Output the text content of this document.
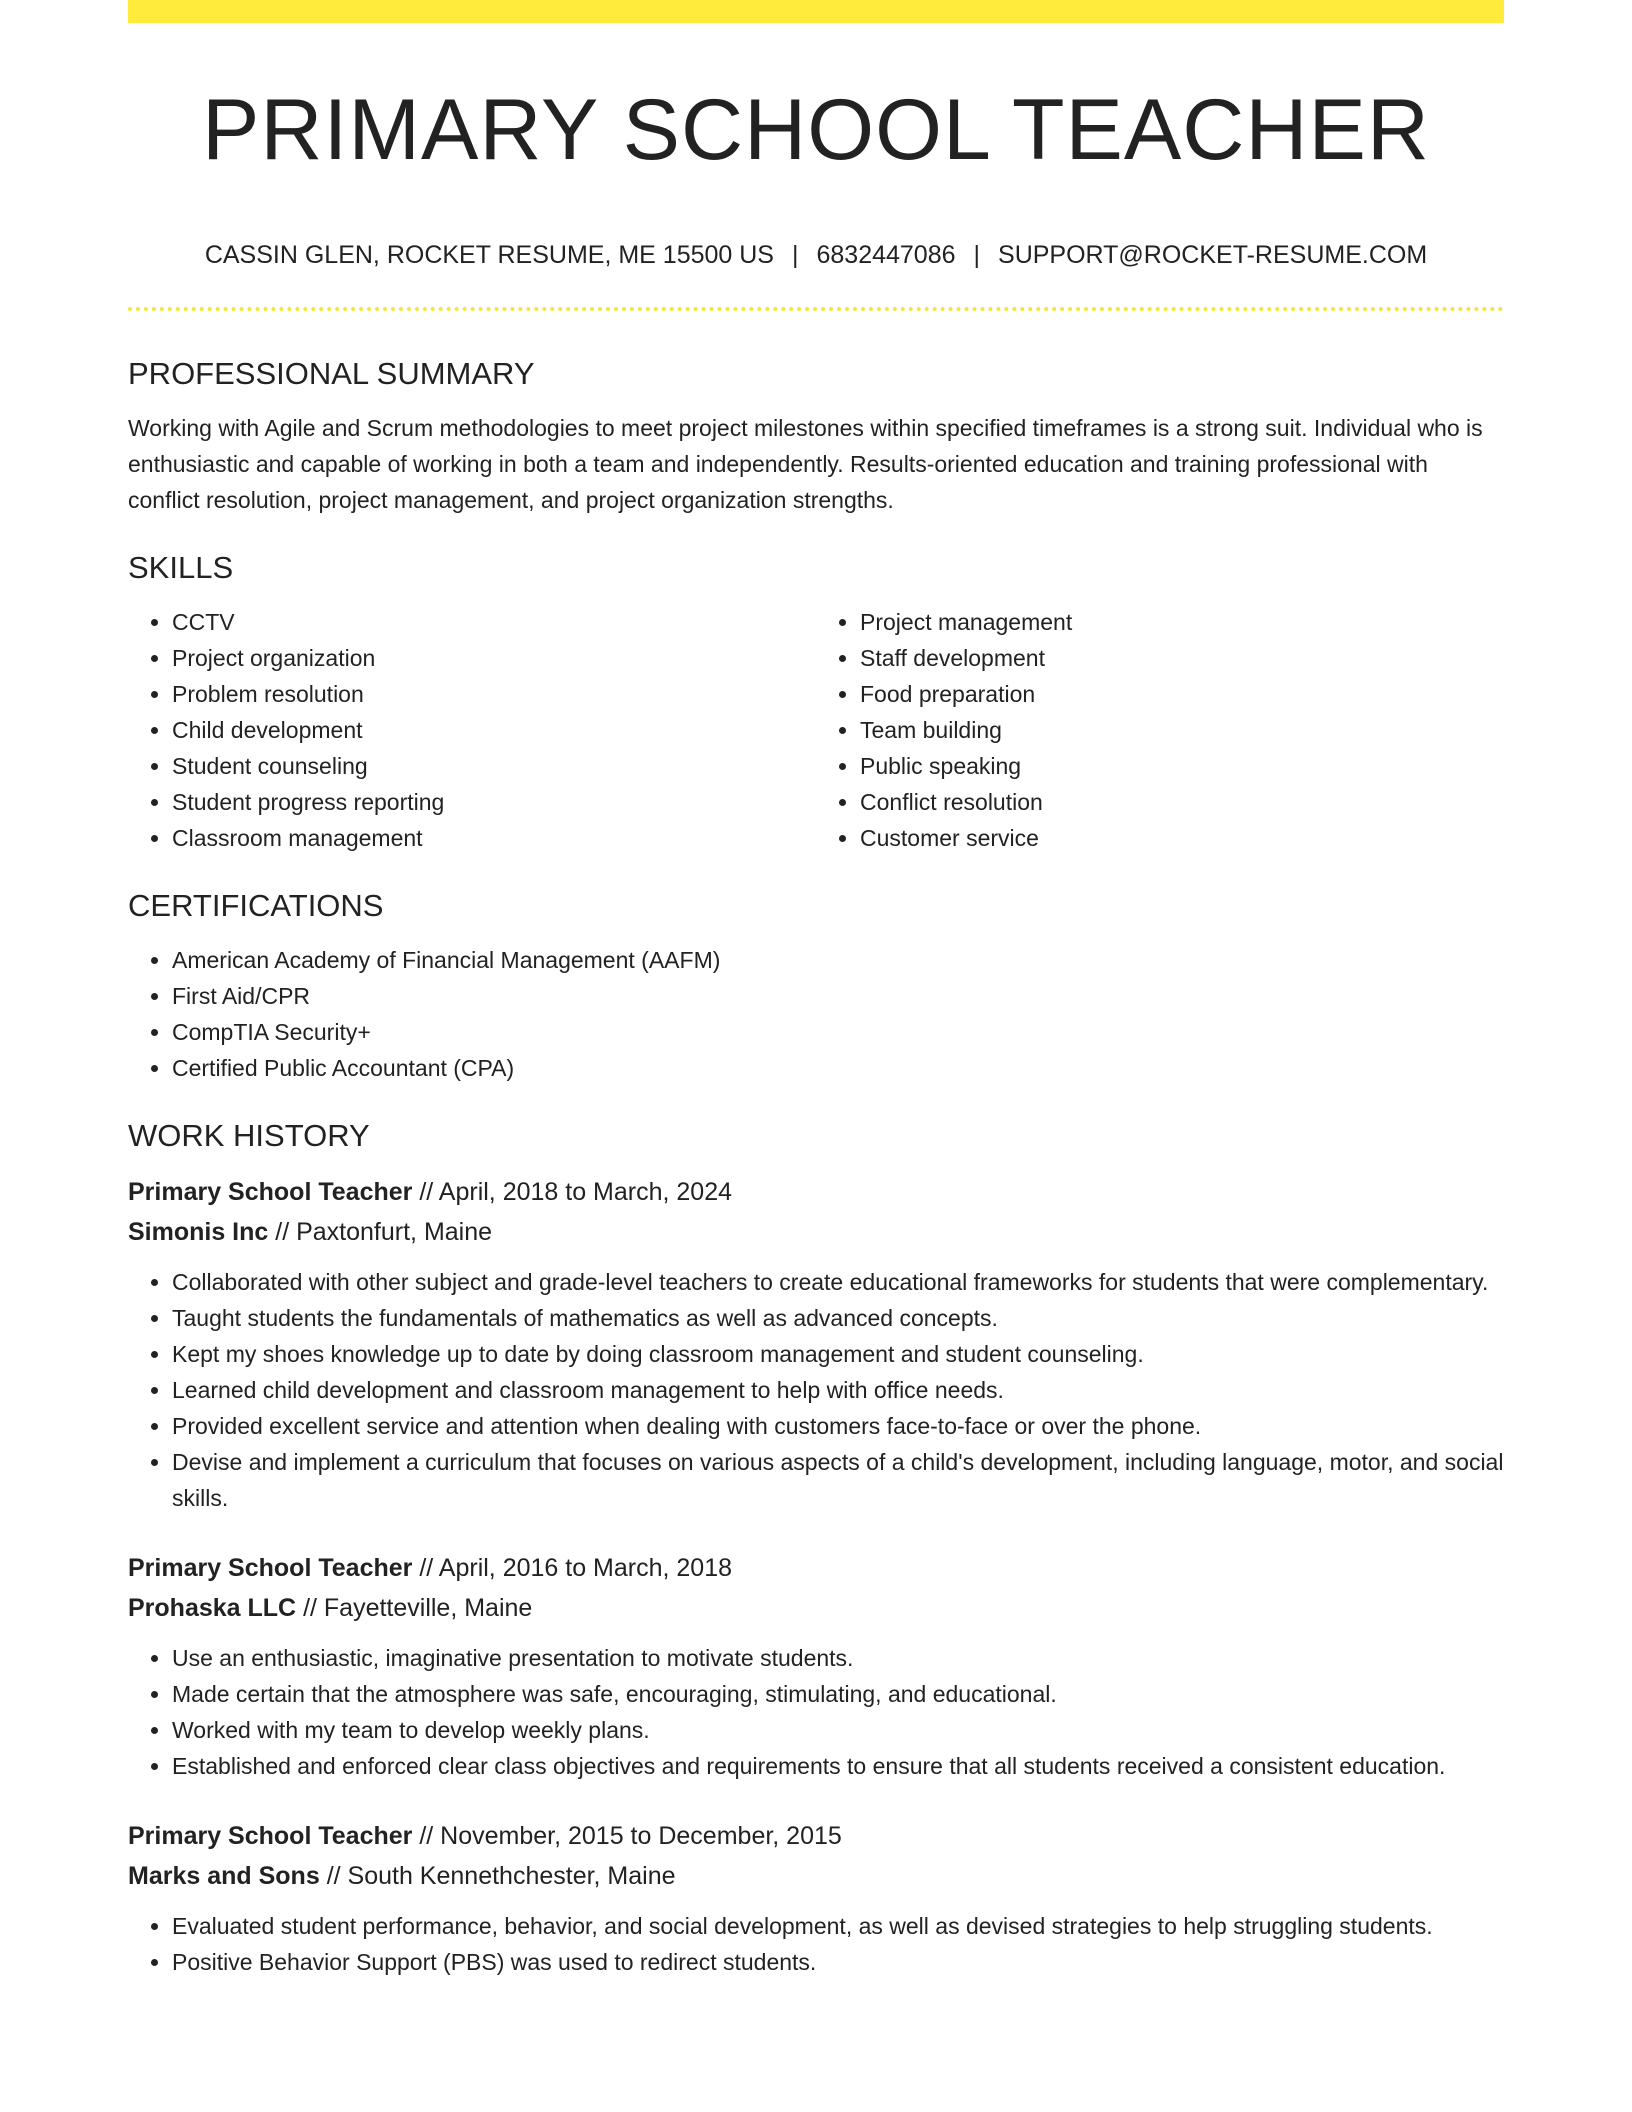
PRIMARY SCHOOL TEACHER
CASSIN GLEN, ROCKET RESUME, ME 15500 US | 6832447086 | SUPPORT@ROCKET-RESUME.COM
PROFESSIONAL SUMMARY

Working with Agile and Scrum methodologies to meet project milestones within specified timeframes is a strong suit. Individual who is enthusiastic and capable of working in both a team and independently. Results-oriented education and training professional with conflict resolution, project management, and project organization strengths.

SKILLS
• CCTV
• Project organization
• Problem resolution
• Child development
• Student counseling
• Student progress reporting
• Classroom management
• Project management
• Staff development
• Food preparation
• Team building
• Public speaking
• Conflict resolution
• Customer service
CERTIFICATIONS
• American Academy of Financial Management (AAFM)
• First Aid/CPR
• CompTIA Security+
• Certified Public Accountant (CPA)
WORK HISTORY
Primary School Teacher // April, 2018 to March, 2024
Simonis Inc // Paxtonfurt, Maine
• Collaborated with other subject and grade-level teachers to create educational frameworks for students that were complementary.
• Taught students the fundamentals of mathematics as well as advanced concepts.
• Kept my shoes knowledge up to date by doing classroom management and student counseling.
• Learned child development and classroom management to help with office needs.
• Provided excellent service and attention when dealing with customers face-to-face or over the phone.
• Devise and implement a curriculum that focuses on various aspects of a child's development, including language, motor, and social skills.
Primary School Teacher // April, 2016 to March, 2018
Prohaska LLC // Fayetteville, Maine
• Use an enthusiastic, imaginative presentation to motivate students.
• Made certain that the atmosphere was safe, encouraging, stimulating, and educational.
• Worked with my team to develop weekly plans.
• Established and enforced clear class objectives and requirements to ensure that all students received a consistent education.
Primary School Teacher // November, 2015 to December, 2015
Marks and Sons // South Kennethchester, Maine
• Evaluated student performance, behavior, and social development, as well as devised strategies to help struggling students.
• Positive Behavior Support (PBS) was used to redirect students.
